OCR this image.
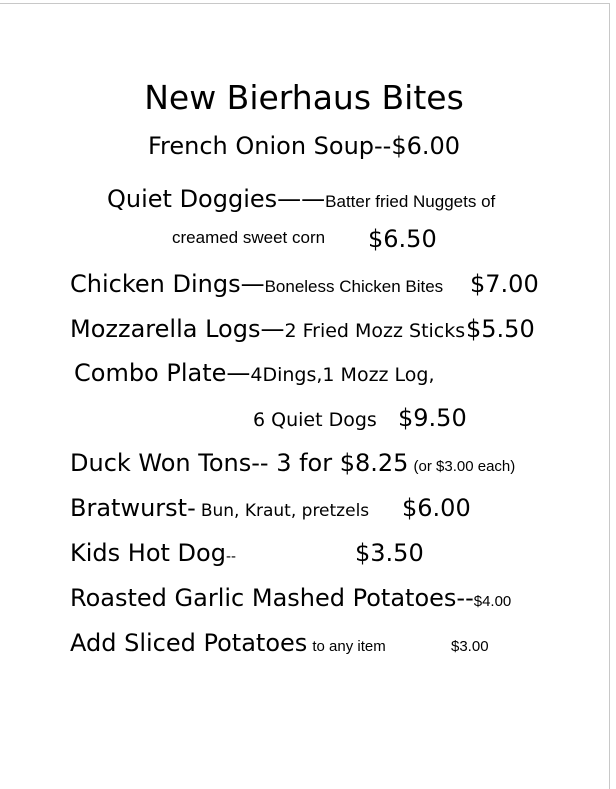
New Bierhaus Bites
French Onion Soup--$6.00
Quiet Doggies——Batter fried Nuggets of
creamed sweet corn $6.50
Chicken Dings—Boneless Chicken Bites $7.00
Mozzarella Logs—2 Fried Mozz Sticks $5.50
Combo Plate—4Dings,1 Mozz Log,
6 Quiet Dogs $9.50
Duck Won Tons-- 3 for $8.25 (or $3.00 each)
Bratwurst- Bun, Kraut, pretzels $6.00
Kids Hot Dog--	$3.50
Roasted Garlic Mashed Potatoes--$4.00
Add Sliced Potatoes to any item	$3.00
